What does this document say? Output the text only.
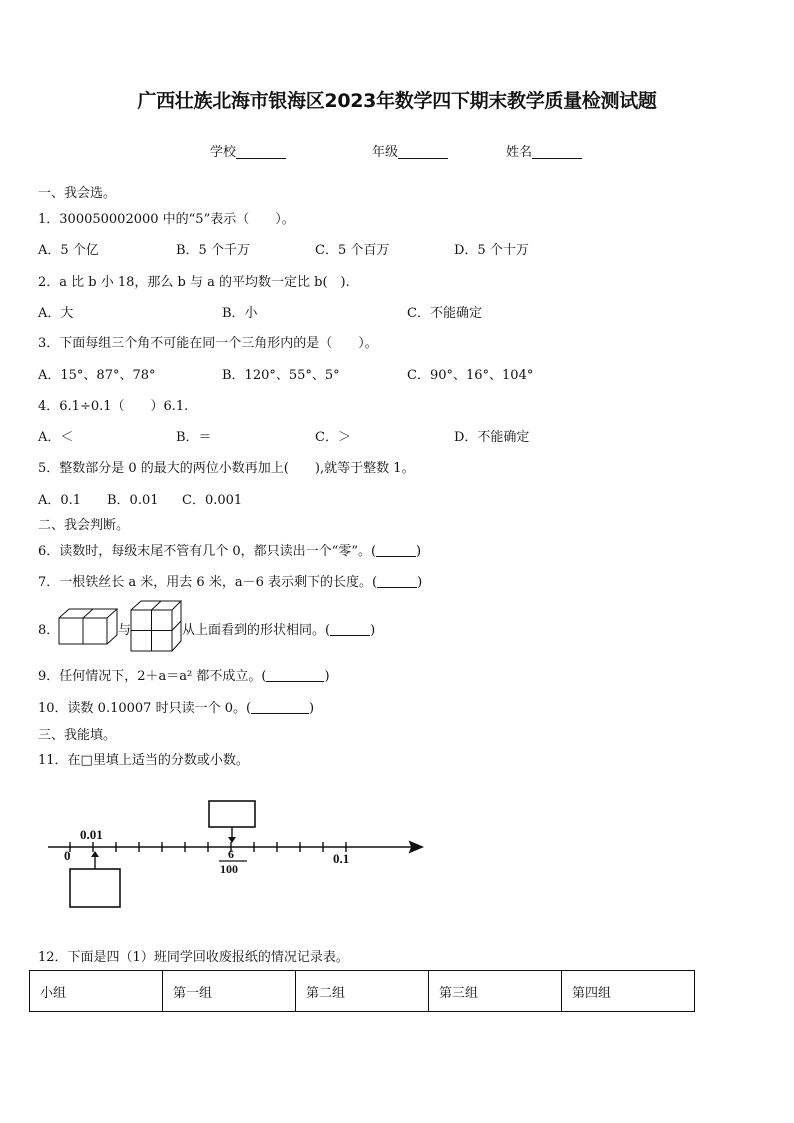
广西壮族北海市银海区2023年数学四下期末教学质量检测试题
学校	年级	姓名
一、我会选。
1．300050002000 中的“5”表示（　　）。
A．5 个亿	B．5 个千万	C．5 个百万	D．5 个十万
2．a 比 b 小 18，那么 b 与 a 的平均数一定比 b(　).
A．大	B．小	C．不能确定
3．下面每组三个角不可能在同一个三角形内的是（　　）。
A．15°、87°、78°	B．120°、55°、5°	C．90°、16°、104°
4．6.1÷0.1（　　）6.1.
A．＜	B．＝	C．＞	D．不能确定
5．整数部分是 0 的最大的两位小数再加上(　　),就等于整数 1。
A．0.1 B．0.01 C．0.001
二、我会判断。
6．读数时，每级末尾不管有几个 0，都只读出一个“零”。(	)
7．一根铁丝长 a 米，用去 6 米，a－6 表示剩下的长度。(	)
8．	与	从上面看到的形状相同。(	)
9．任何情况下，2＋a＝a² 都不成立。(	)
10．读数 0.10007 时只读一个 0。(	)
三、我能填。
11．在□里填上适当的分数或小数。
0.01
0	6
100
0.1
12．下面是四（1）班同学回收废报纸的情况记录表。
小组	第一组	第二组	第三组	第四组
